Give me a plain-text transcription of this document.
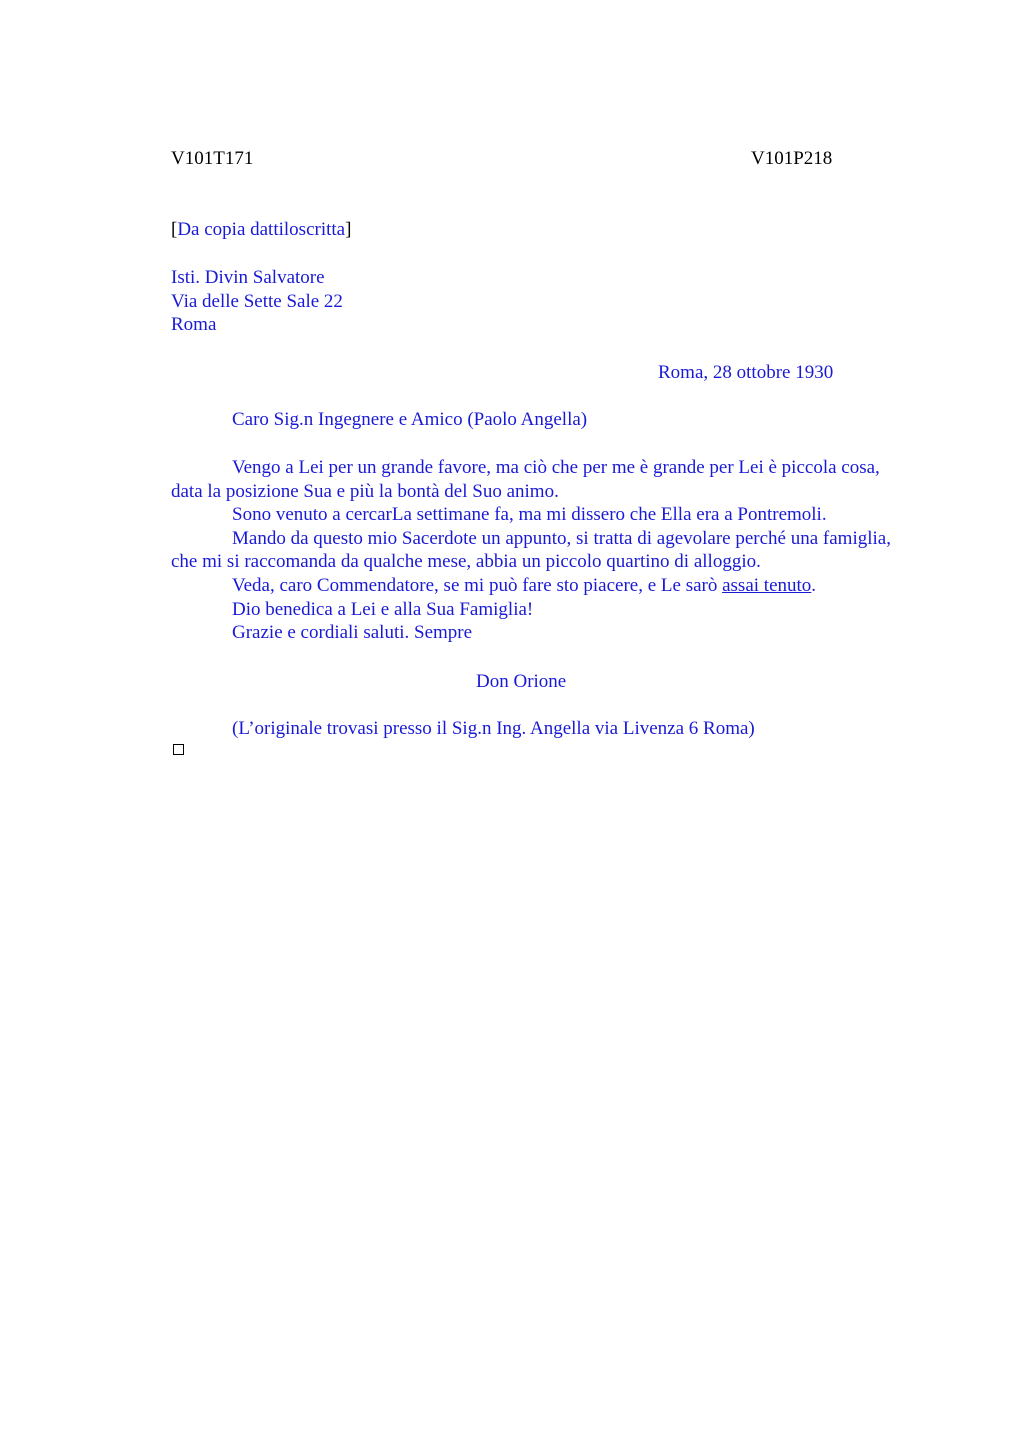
V101T171	V101P218
[Da copia dattiloscritta]
Isti. Divin Salvatore
Via delle Sette Sale 22
Roma
Roma, 28 ottobre 1930
Caro Sig.n Ingegnere e Amico (Paolo Angella)

Vengo a Lei per un grande favore, ma ciò che per me è grande per Lei è piccola cosa, data la posizione Sua e più la bontà del Suo animo.

Sono venuto a cercarLa settimane fa, ma mi dissero che Ella era a Pontremoli.

Mando da questo mio Sacerdote un appunto, si tratta di agevolare perché una famiglia, che mi si raccomanda da qualche mese, abbia un piccolo quartino di alloggio.

Veda, caro Commendatore, se mi può fare sto piacere, e Le sarò assai tenuto.

Dio benedica a Lei e alla Sua Famiglia!

Grazie e cordiali saluti. Sempre

Don Orione
(L’originale trovasi presso il Sig.n Ing. Angella via Livenza 6 Roma)
